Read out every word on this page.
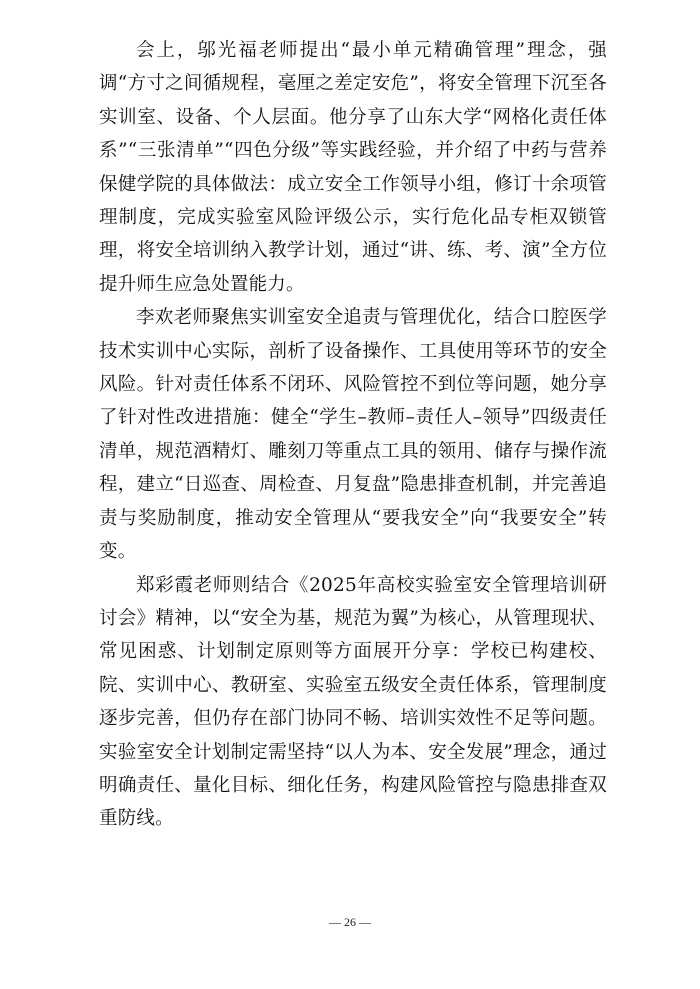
会上，邬光福老师提出“最小单元精确管理”理念，强调“方寸之间循规程，毫厘之差定安危”，将安全管理下沉至各实训室、设备、个人层面。他分享了山东大学“网格化责任体系”“三张清单”“四色分级”等实践经验，并介绍了中药与营养保健学院的具体做法：成立安全工作领导小组，修订十余项管理制度，完成实验室风险评级公示，实行危化品专柜双锁管理，将安全培训纳入教学计划，通过“讲、练、考、演”全方位提升师生应急处置能力。

李欢老师聚焦实训室安全追责与管理优化，结合口腔医学技术实训中心实际，剖析了设备操作、工具使用等环节的安全风险。针对责任体系不闭环、风险管控不到位等问题，她分享了针对性改进措施：健全“学生–教师–责任人–领导”四级责任清单，规范酒精灯、雕刻刀等重点工具的领用、储存与操作流程，建立“日巡查、周检查、月复盘”隐患排查机制，并完善追责与奖励制度，推动安全管理从“要我安全”向“我要安全”转变。

郑彩霞老师则结合《2025年高校实验室安全管理培训研讨会》精神，以“安全为基，规范为翼”为核心，从管理现状、常见困惑、计划制定原则等方面展开分享：学校已构建校、院、实训中心、教研室、实验室五级安全责任体系，管理制度逐步完善，但仍存在部门协同不畅、培训实效性不足等问题。实验室安全计划制定需坚持“以人为本、安全发展”理念，通过明确责任、量化目标、细化任务，构建风险管控与隐患排查双重防线。

— 26 —
